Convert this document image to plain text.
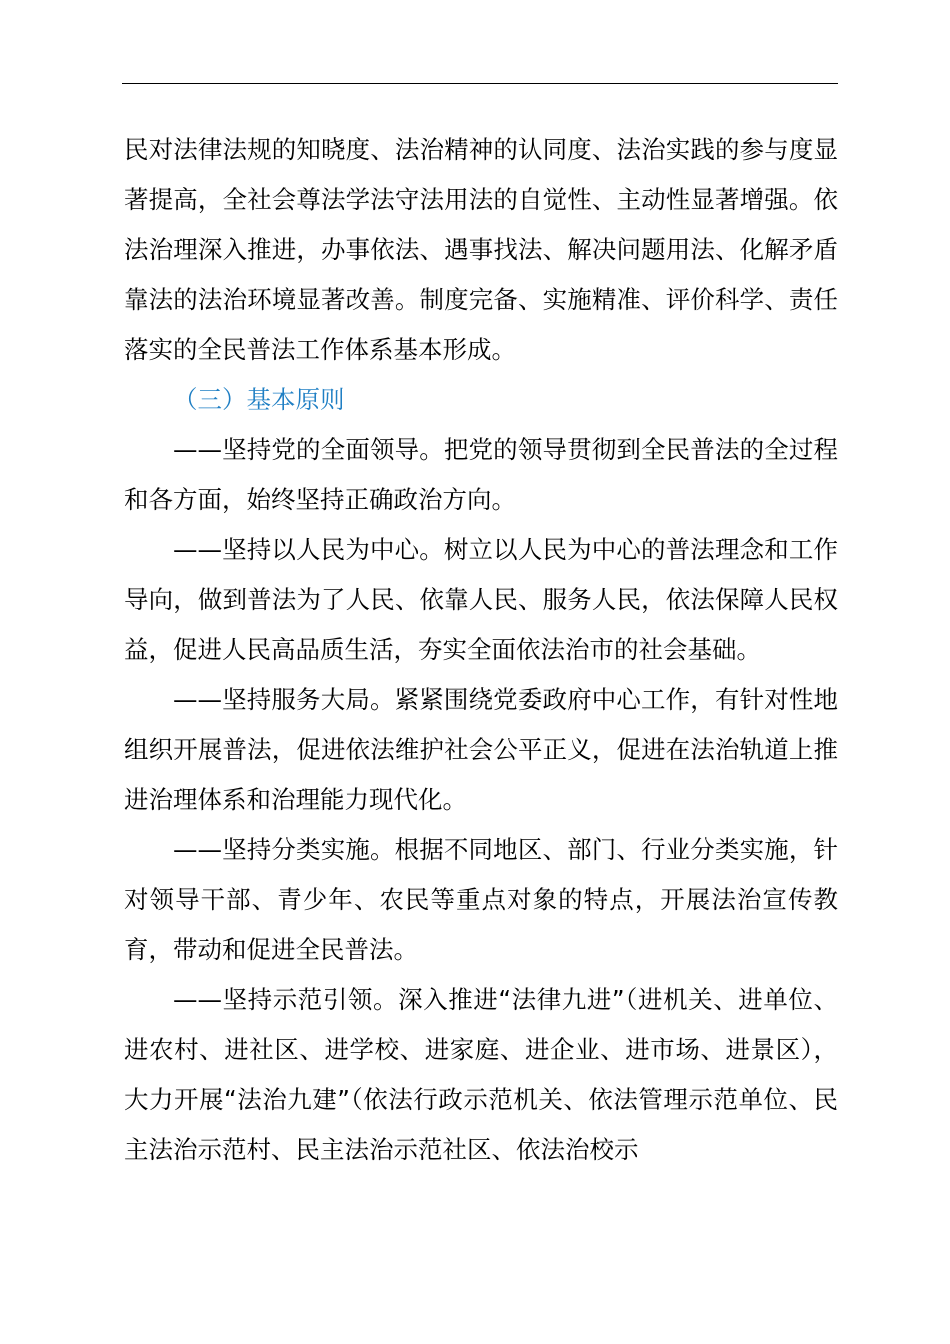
民对法律法规的知晓度、法治精神的认同度、法治实践的参与度显著提高，全社会尊法学法守法用法的自觉性、主动性显著增强。依法治理深入推进，办事依法、遇事找法、解决问题用法、化解矛盾靠法的法治环境显著改善。制度完备、实施精准、评价科学、责任落实的全民普法工作体系基本形成。

（三）基本原则

——坚持党的全面领导。把党的领导贯彻到全民普法的全过程和各方面，始终坚持正确政治方向。

——坚持以人民为中心。树立以人民为中心的普法理念和工作导向，做到普法为了人民、依靠人民、服务人民，依法保障人民权益，促进人民高品质生活，夯实全面依法治市的社会基础。

——坚持服务大局。紧紧围绕党委政府中心工作，有针对性地组织开展普法，促进依法维护社会公平正义，促进在法治轨道上推进治理体系和治理能力现代化。

——坚持分类实施。根据不同地区、部门、行业分类实施，针对领导干部、青少年、农民等重点对象的特点，开展法治宣传教育，带动和促进全民普法。

——坚持示范引领。深入推进“法律九进”（进机关、进单位、进农村、进社区、进学校、进家庭、进企业、进市场、进景区），大力开展“法治九建”（依法行政示范机关、依法管理示范单位、民主法治示范村、民主法治示范社区、依法治校示
